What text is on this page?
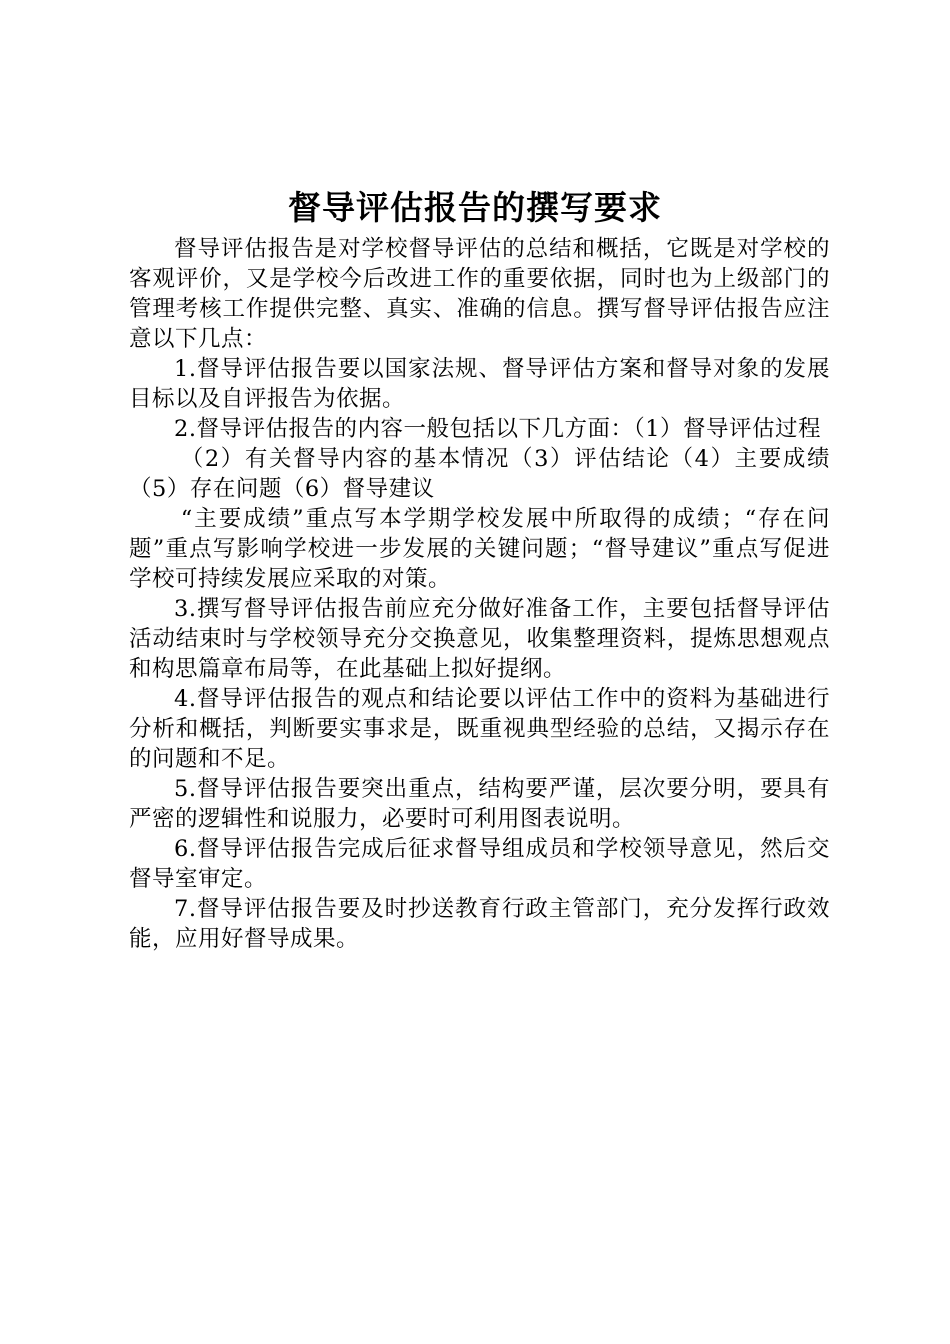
督导评估报告的撰写要求

督导评估报告是对学校督导评估的总结和概括，它既是对学校的客观评价，又是学校今后改进工作的重要依据，同时也为上级部门的管理考核工作提供完整、真实、准确的信息。撰写督导评估报告应注意以下几点：

1.督导评估报告要以国家法规、督导评估方案和督导对象的发展目标以及自评报告为依据。

2.督导评估报告的内容一般包括以下几方面：（1）督导评估过程

（2）有关督导内容的基本情况（3）评估结论（4）主要成绩（5）存在问题（6）督导建议

“主要成绩”重点写本学期学校发展中所取得的成绩；“存在问题”重点写影响学校进一步发展的关键问题；“督导建议”重点写促进学校可持续发展应采取的对策。

3.撰写督导评估报告前应充分做好准备工作，主要包括督导评估活动结束时与学校领导充分交换意见，收集整理资料，提炼思想观点和构思篇章布局等，在此基础上拟好提纲。

4.督导评估报告的观点和结论要以评估工作中的资料为基础进行分析和概括，判断要实事求是，既重视典型经验的总结，又揭示存在的问题和不足。

5.督导评估报告要突出重点，结构要严谨，层次要分明，要具有严密的逻辑性和说服力，必要时可利用图表说明。

6.督导评估报告完成后征求督导组成员和学校领导意见，然后交督导室审定。

7.督导评估报告要及时抄送教育行政主管部门，充分发挥行政效能，应用好督导成果。
